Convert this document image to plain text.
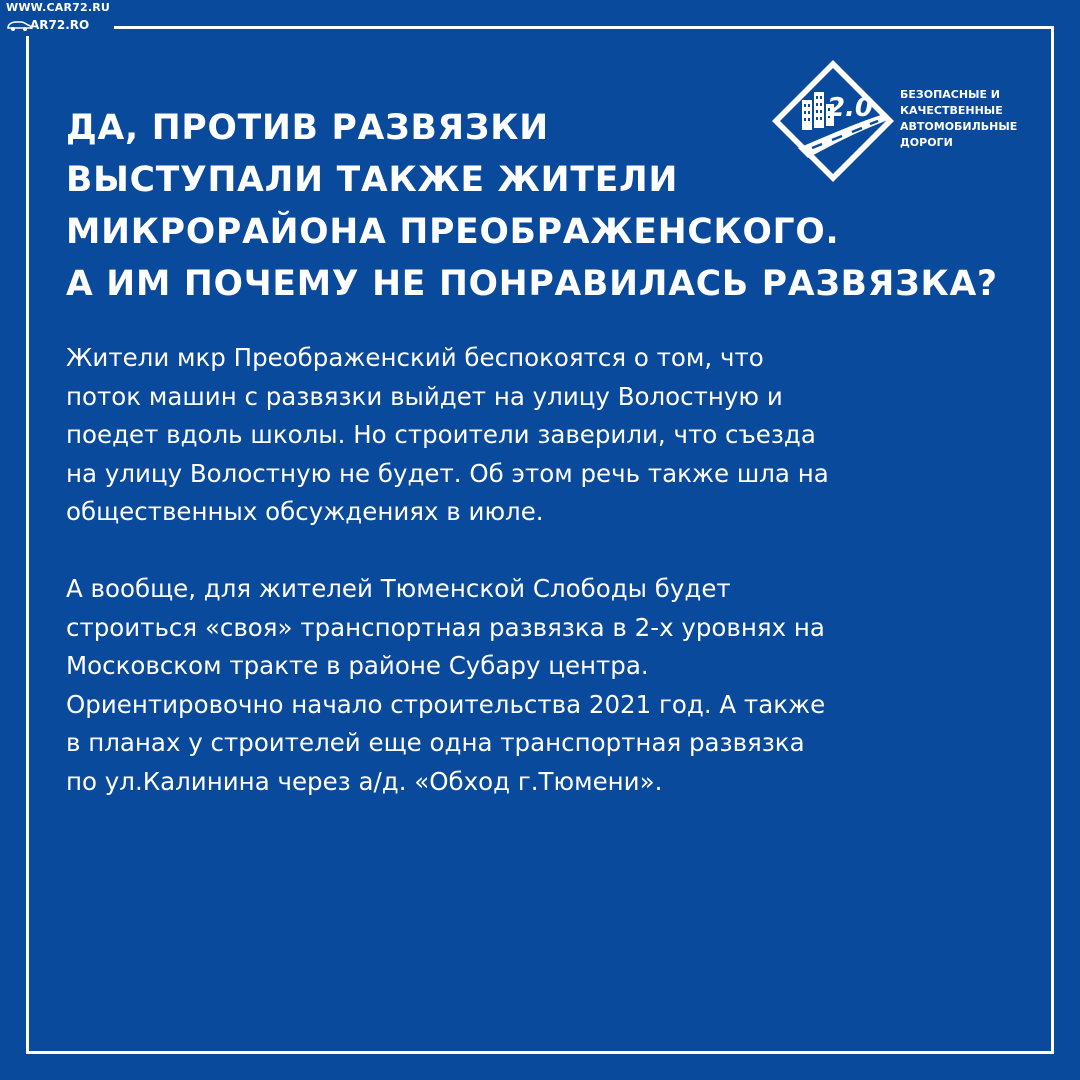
WWW.CAR72.RU
AR72.RO
2.0 БЕЗОПАСНЫЕ И
КАЧЕСТВЕННЫЕ
АВТОМОБИЛЬНЫЕ
ДОРОГИ
ДА, ПРОТИВ РАЗВЯЗКИ
ВЫСТУПАЛИ ТАКЖЕ ЖИТЕЛИ
МИКРОРАЙОНА ПРЕОБРАЖЕНСКОГО.
А ИМ ПОЧЕМУ НЕ ПОНРАВИЛАСЬ РАЗВЯЗКА?
Жители мкр Преображенский беспокоятся о том, что
поток машин с развязки выйдет на улицу Волостную и
поедет вдоль школы. Но строители заверили, что съезда
на улицу Волостную не будет. Об этом речь также шла на
общественных обсуждениях в июле.
А вообще, для жителей Тюменской Слободы будет
строиться «своя» транспортная развязка в 2-х уровнях на
Московском тракте в районе Субару центра.
Ориентировочно начало строительства 2021 год. А также
в планах у строителей еще одна транспортная развязка
по ул.Калинина через а/д. «Обход г.Тюмени».
